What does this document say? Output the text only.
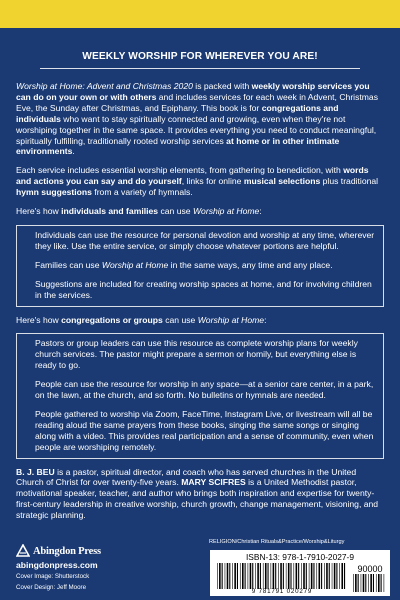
WEEKLY WORSHIP FOR WHEREVER YOU ARE!

Worship at Home: Advent and Christmas 2020 is packed with weekly worship services you can do on your own or with others and includes services for each week in Advent, Christmas Eve, the Sunday after Christmas, and Epiphany. This book is for congregations and individuals who want to stay spiritually connected and growing, even when they're not worshiping together in the same space. It provides everything you need to conduct meaningful, spiritually fulfilling, traditionally rooted worship services at home or in other intimate environments.

Each service includes essential worship elements, from gathering to benediction, with words and actions you can say and do yourself, links for online musical selections plus traditional hymn suggestions from a variety of hymnals.

Here's how individuals and families can use Worship at Home:

Individuals can use the resource for personal devotion and worship at any time, wherever they like. Use the entire service, or simply choose whatever portions are helpful.

Families can use Worship at Home in the same ways, any time and any place.

Suggestions are included for creating worship spaces at home, and for involving children in the services.

Here's how congregations or groups can use Worship at Home:

Pastors or group leaders can use this resource as complete worship plans for weekly church services. The pastor might prepare a sermon or homily, but everything else is ready to go.

People can use the resource for worship in any space—at a senior care center, in a park, on the lawn, at the church, and so forth. No bulletins or hymnals are needed.

People gathered to worship via Zoom, FaceTime, Instagram Live, or livestream will all be reading aloud the same prayers from these books, singing the same songs or singing along with a video. This provides real participation and a sense of community, even when people are worshiping remotely.

B. J. BEU is a pastor, spiritual director, and coach who has served churches in the United Church of Christ for over twenty-five years. MARY SCIFRES is a United Methodist pastor, motivational speaker, teacher, and author who brings both inspiration and expertise for twenty-first-century leadership in creative worship, church growth, change management, visioning, and strategic planning.

Abingdon Press
abingdonpress.com
Cover Image: Shutterstock
Cover Design: Jeff Moore
RELIGION/Christian Rituals&Practice/Worship&Liturgy
ISBN-13: 978-1-7910-2027-9
90000
9 781791 020279
